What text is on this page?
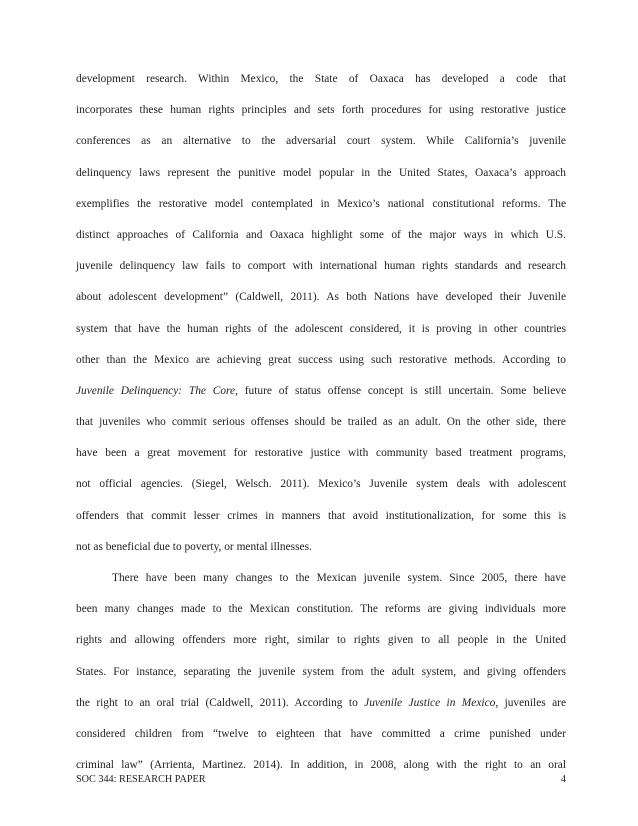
development research. Within Mexico, the State of Oaxaca has developed a code that
incorporates these human rights principles and sets forth procedures for using restorative justice
conferences as an alternative to the adversarial court system. While California’s juvenile
delinquency laws represent the punitive model popular in the United States, Oaxaca’s approach
exemplifies the restorative model contemplated in Mexico’s national constitutional reforms. The
distinct approaches of California and Oaxaca highlight some of the major ways in which U.S.
juvenile delinquency law fails to comport with international human rights standards and research
about adolescent development” (Caldwell, 2011). As both Nations have developed their Juvenile
system that have the human rights of the adolescent considered, it is proving in other countries
other than the Mexico are achieving great success using such restorative methods. According to
Juvenile Delinquency: The Core, future of status offense concept is still uncertain. Some believe
that juveniles who commit serious offenses should be trailed as an adult. On the other side, there
have been a great movement for restorative justice with community based treatment programs,
not official agencies. (Siegel, Welsch. 2011). Mexico’s Juvenile system deals with adolescent
offenders that commit lesser crimes in manners that avoid institutionalization, for some this is
not as beneficial due to poverty, or mental illnesses.
There have been many changes to the Mexican juvenile system. Since 2005, there have
been many changes made to the Mexican constitution. The reforms are giving individuals more
rights and allowing offenders more right, similar to rights given to all people in the United
States. For instance, separating the juvenile system from the adult system, and giving offenders
the right to an oral trial (Caldwell, 2011). According to Juvenile Justice in Mexico, juveniles are
considered children from “twelve to eighteen that have committed a crime punished under
criminal law” (Arrienta, Martinez. 2014). In addition, in 2008, along with the right to an oral
SOC 344: RESEARCH PAPER	4
